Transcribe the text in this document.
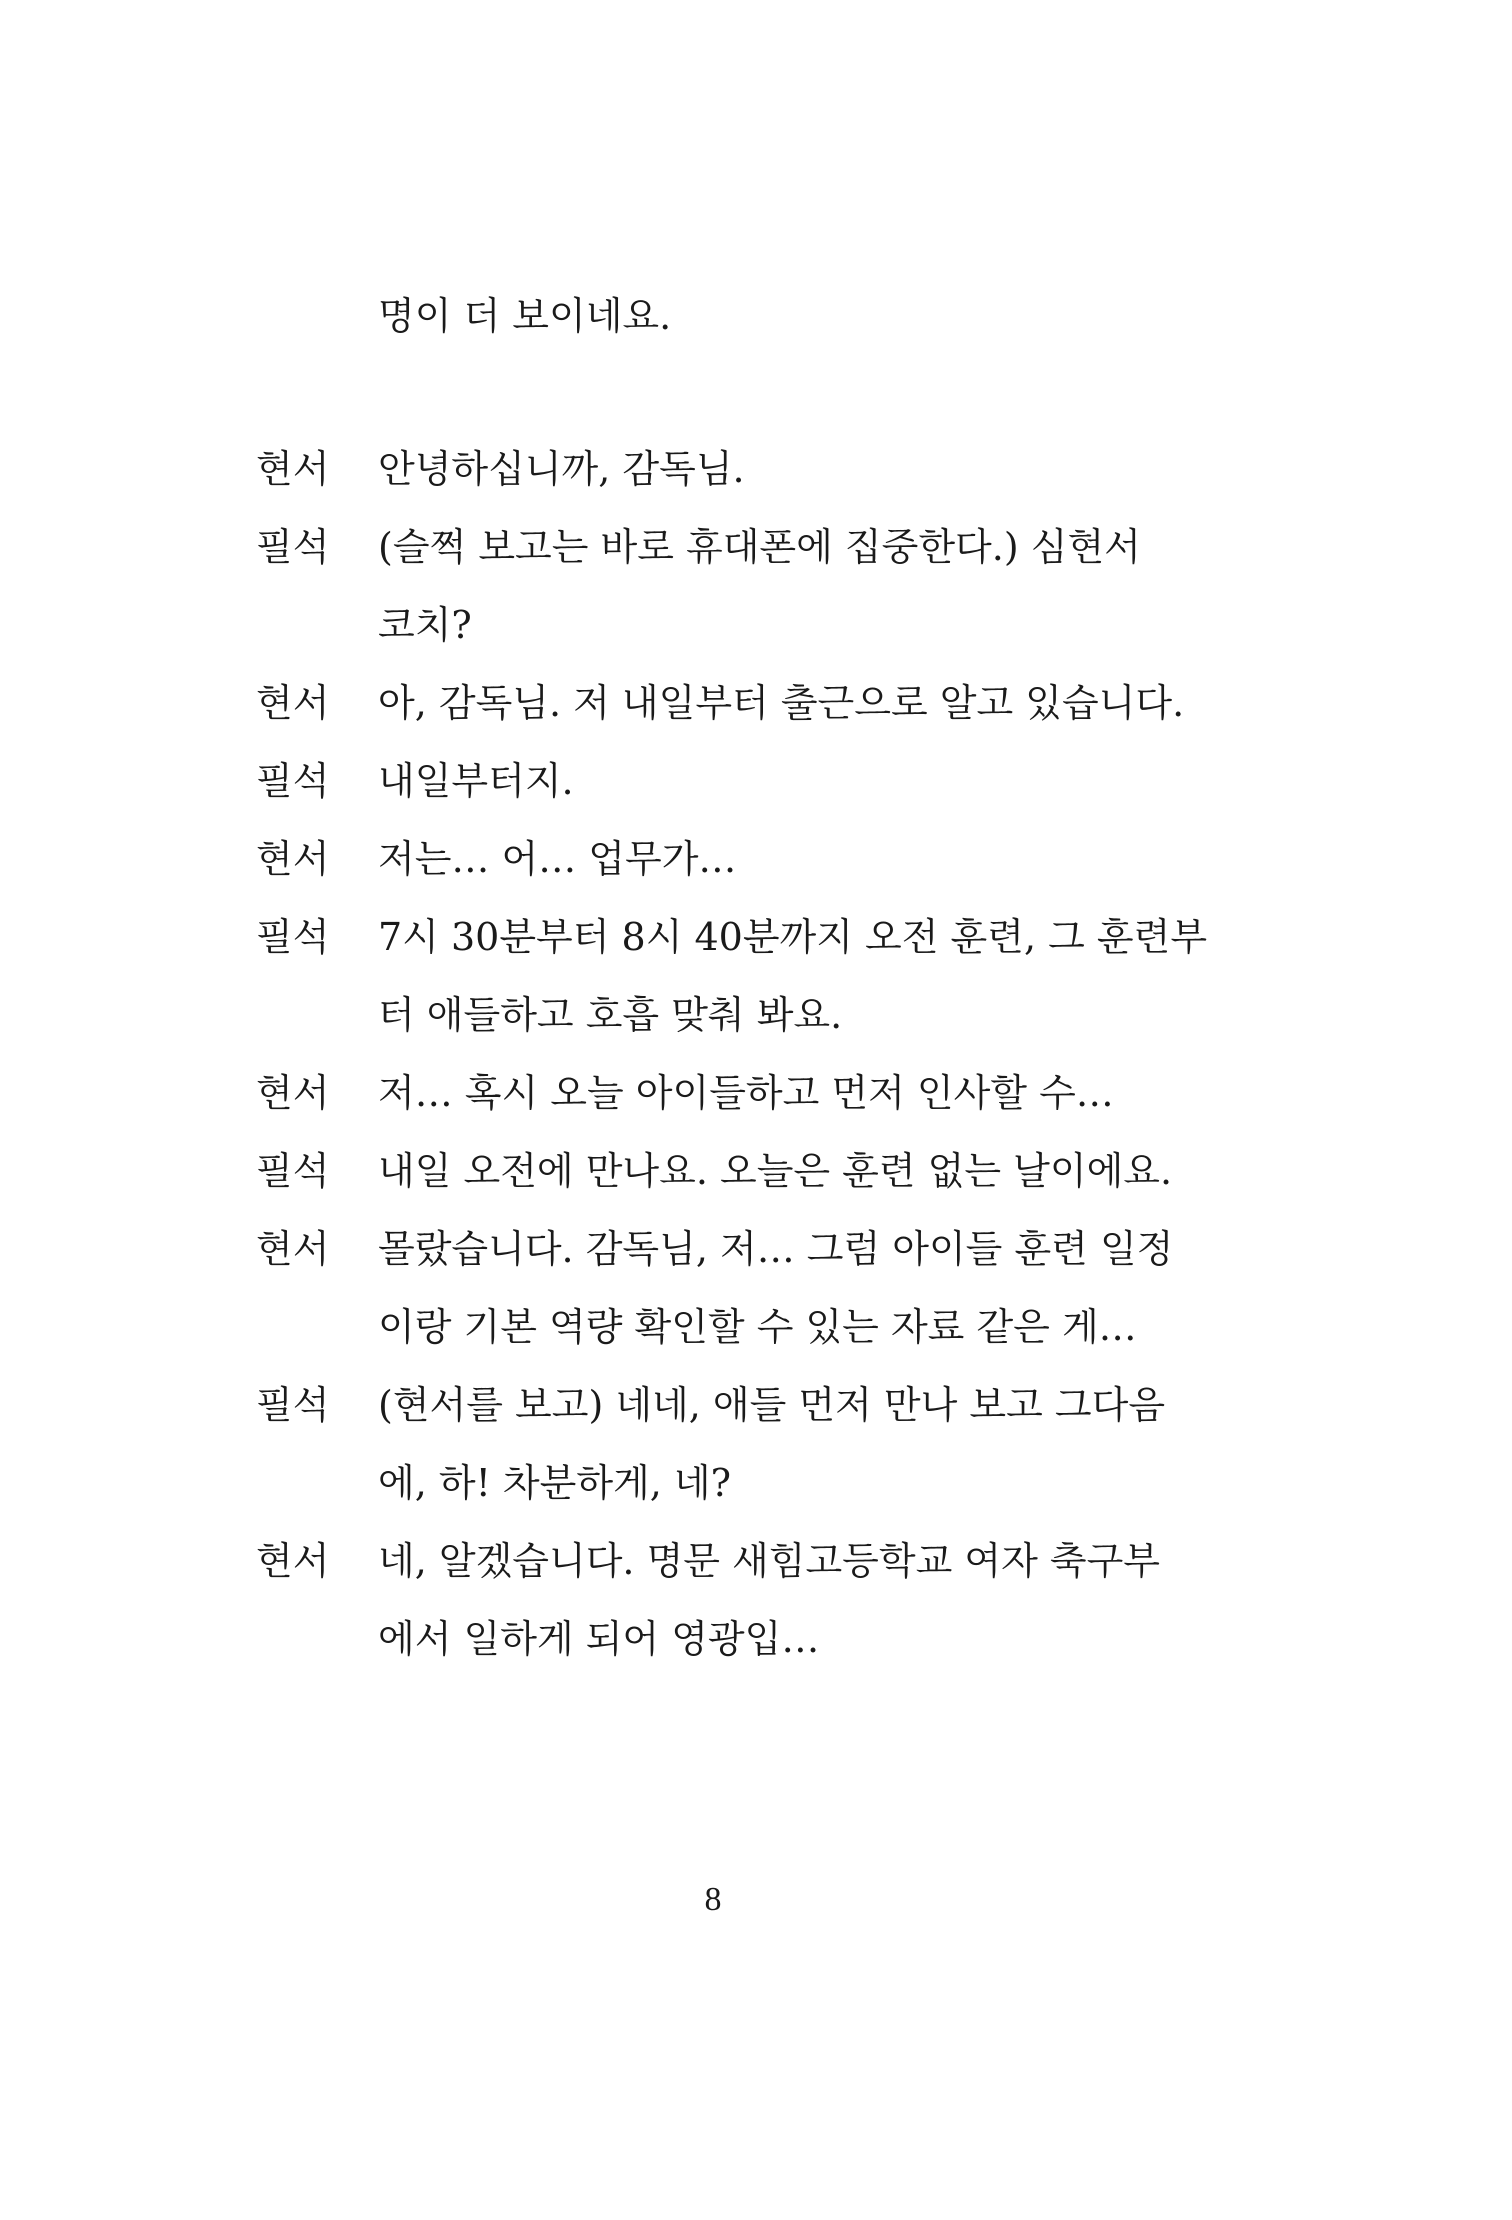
명이 더 보이네요.
현서 안녕하십니까, 감독님.
필석 (슬쩍 보고는 바로 휴대폰에 집중한다.) 심현서
코치?
현서 아, 감독님. 저 내일부터 출근으로 알고 있습니다.
필석 내일부터지.
현서 저는… 어… 업무가…
필석 7시 30분부터 8시 40분까지 오전 훈련, 그 훈련부
터 애들하고 호흡 맞춰 봐요.
현서 저… 혹시 오늘 아이들하고 먼저 인사할 수…
필석 내일 오전에 만나요. 오늘은 훈련 없는 날이에요.
현서 몰랐습니다. 감독님, 저… 그럼 아이들 훈련 일정
이랑 기본 역량 확인할 수 있는 자료 같은 게…
필석 (현서를 보고) 네네, 애들 먼저 만나 보고 그다음
에, 하! 차분하게, 네?
현서 네, 알겠습니다. 명문 새힘고등학교 여자 축구부
에서 일하게 되어 영광입…
8
